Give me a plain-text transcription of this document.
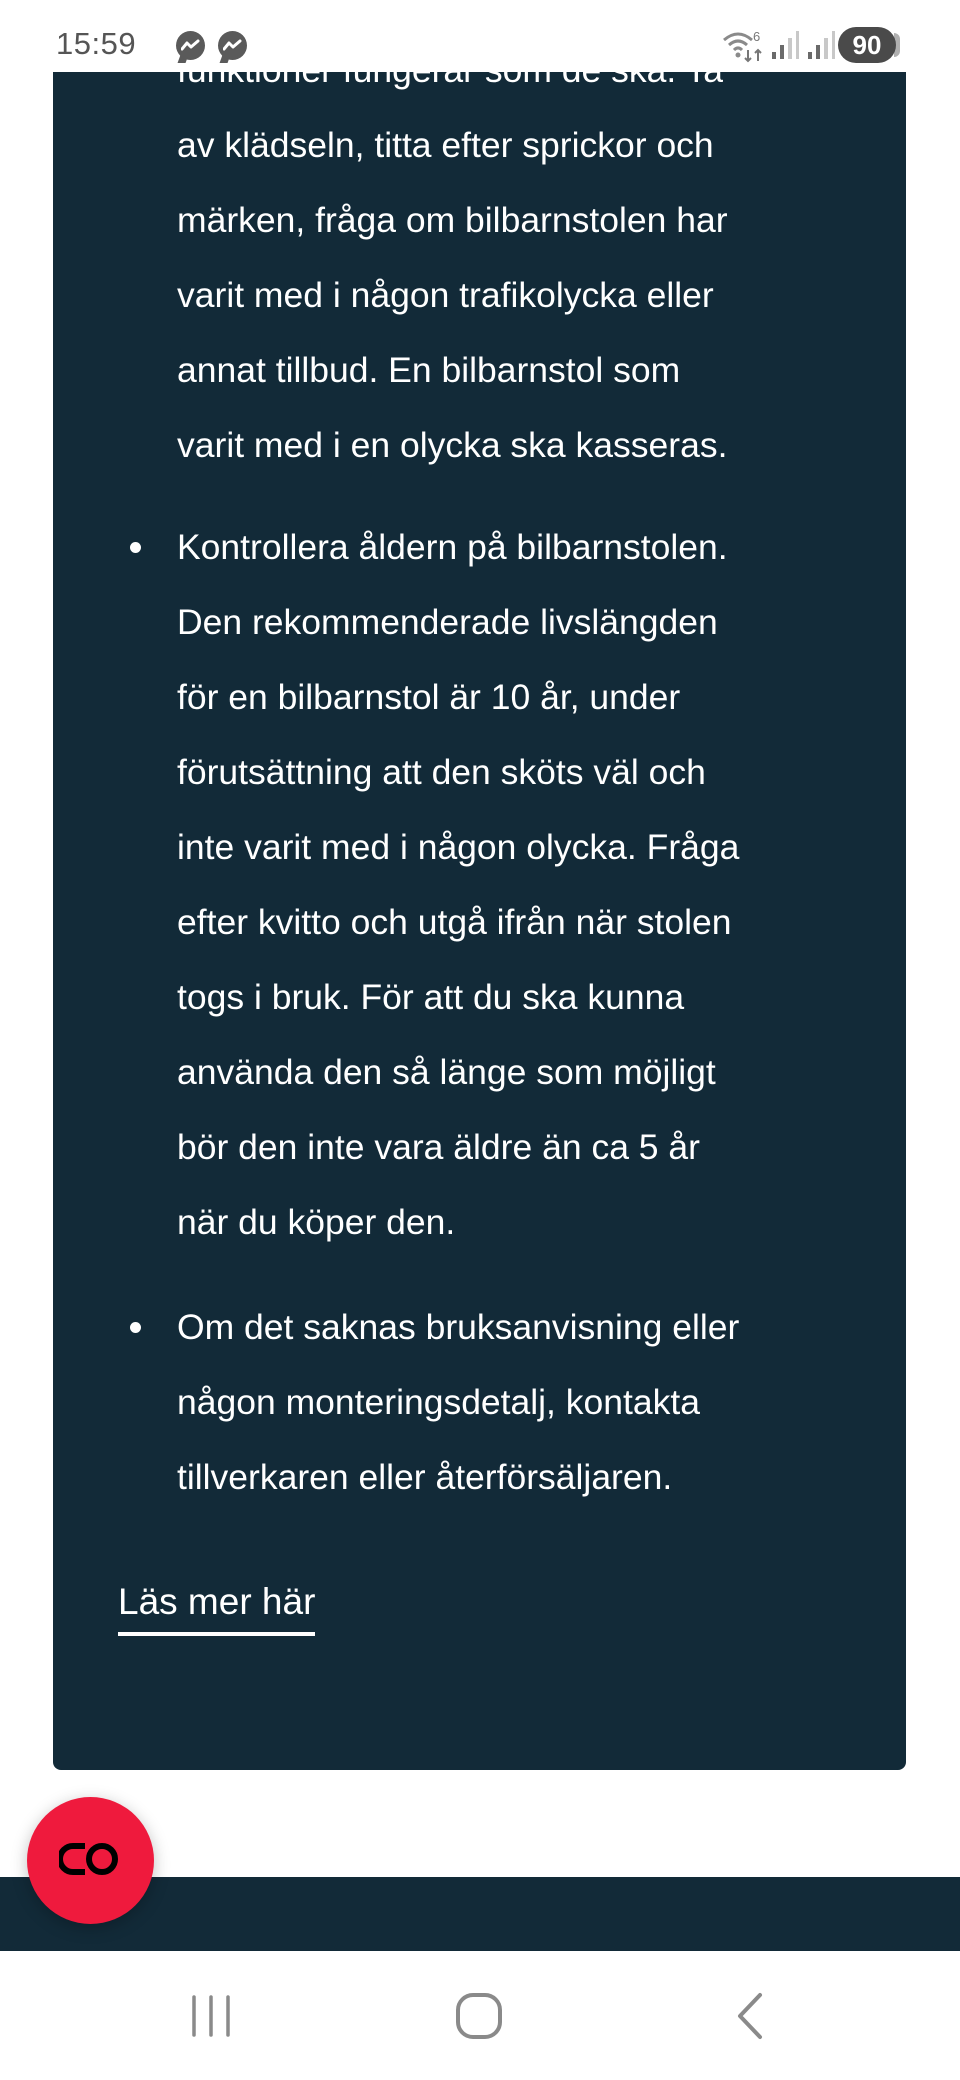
15:59	6	90
av klädseln, titta efter sprickor och
märken, fråga om bilbarnstolen har
varit med i någon trafikolycka eller
annat tillbud. En bilbarnstol som
varit med i en olycka ska kasseras.
Kontrollera åldern på bilbarnstolen.
Den rekommenderade livslängden
för en bilbarnstol är 10 år, under
förutsättning att den sköts väl och
inte varit med i någon olycka. Fråga
efter kvitto och utgå ifrån när stolen
togs i bruk. För att du ska kunna
använda den så länge som möjligt
bör den inte vara äldre än ca 5 år
när du köper den.
Om det saknas bruksanvisning eller
någon monteringsdetalj, kontakta
tillverkaren eller återförsäljaren.
Läs mer här
